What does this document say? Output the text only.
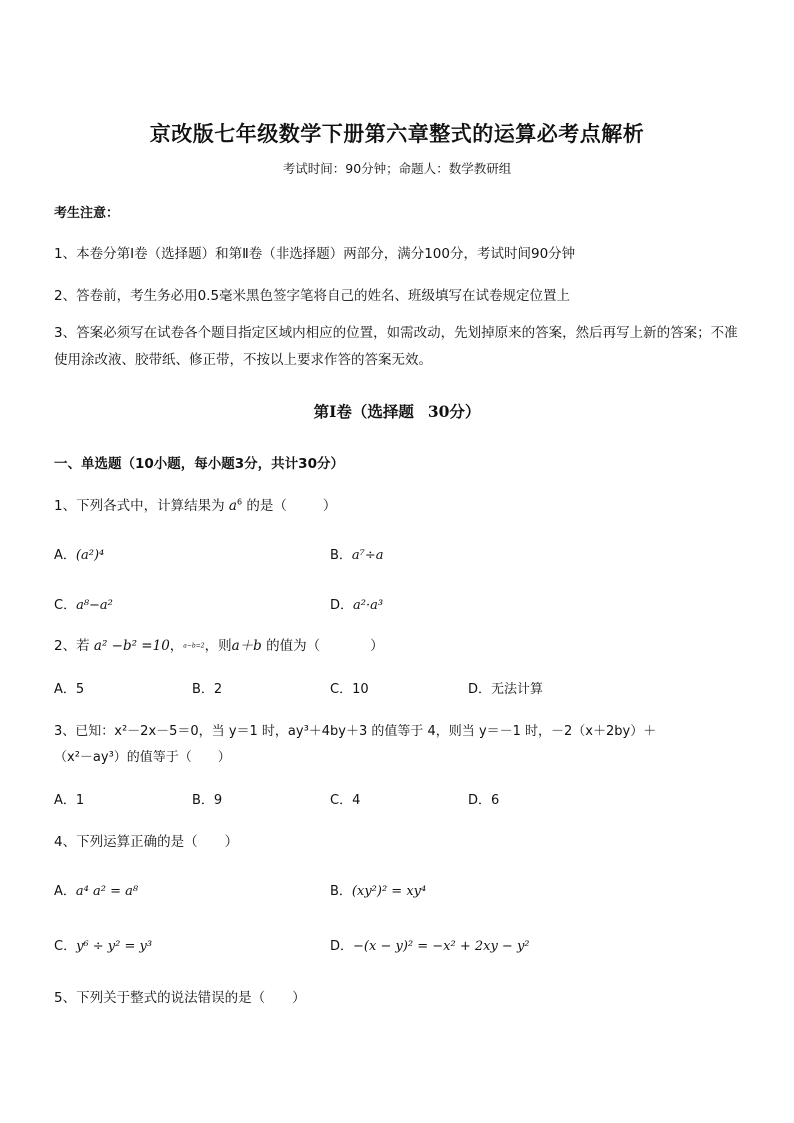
京改版七年级数学下册第六章整式的运算必考点解析
考试时间：90分钟；命题人：数学教研组
考生注意：
1、本卷分第Ⅰ卷（选择题）和第Ⅱ卷（非选择题）两部分，满分100分，考试时间90分钟
2、答卷前，考生务必用0.5毫米黑色签字笔将自己的姓名、班级填写在试卷规定位置上
3、答案必须写在试卷各个题目指定区域内相应的位置，如需改动，先划掉原来的答案，然后再写上新的答案；不准使用涂改液、胶带纸、修正带，不按以上要求作答的答案无效。
第Ⅰ卷（选择题 30分）
一、单选题（10小题，每小题3分，共计30分）
1、下列各式中，计算结果为 $a^6$ 的是（	）
A．(a²)⁴	B．a⁷÷a
C．a⁸−a²	D．a²·a³
2、若 a² −b² =10，a−b=2，则a＋b 的值为（	）
A．5	B．2	C．10	D．无法计算
3、已知：x²－2x－5＝0，当 y＝1 时，ay³＋4by＋3 的值等于 4，则当 y＝－1 时，－2（x＋2by）＋
（x²－ay³）的值等于（　　）
A．1	B．9	C．4	D．6
4、下列运算正确的是（　　）
A．a⁴ a² = a⁸	B．(xy²)² = xy⁴
C．y⁶ ÷ y² = y³	D．−(x − y)² = −x² + 2xy − y²
5、下列关于整式的说法错误的是（　　）
